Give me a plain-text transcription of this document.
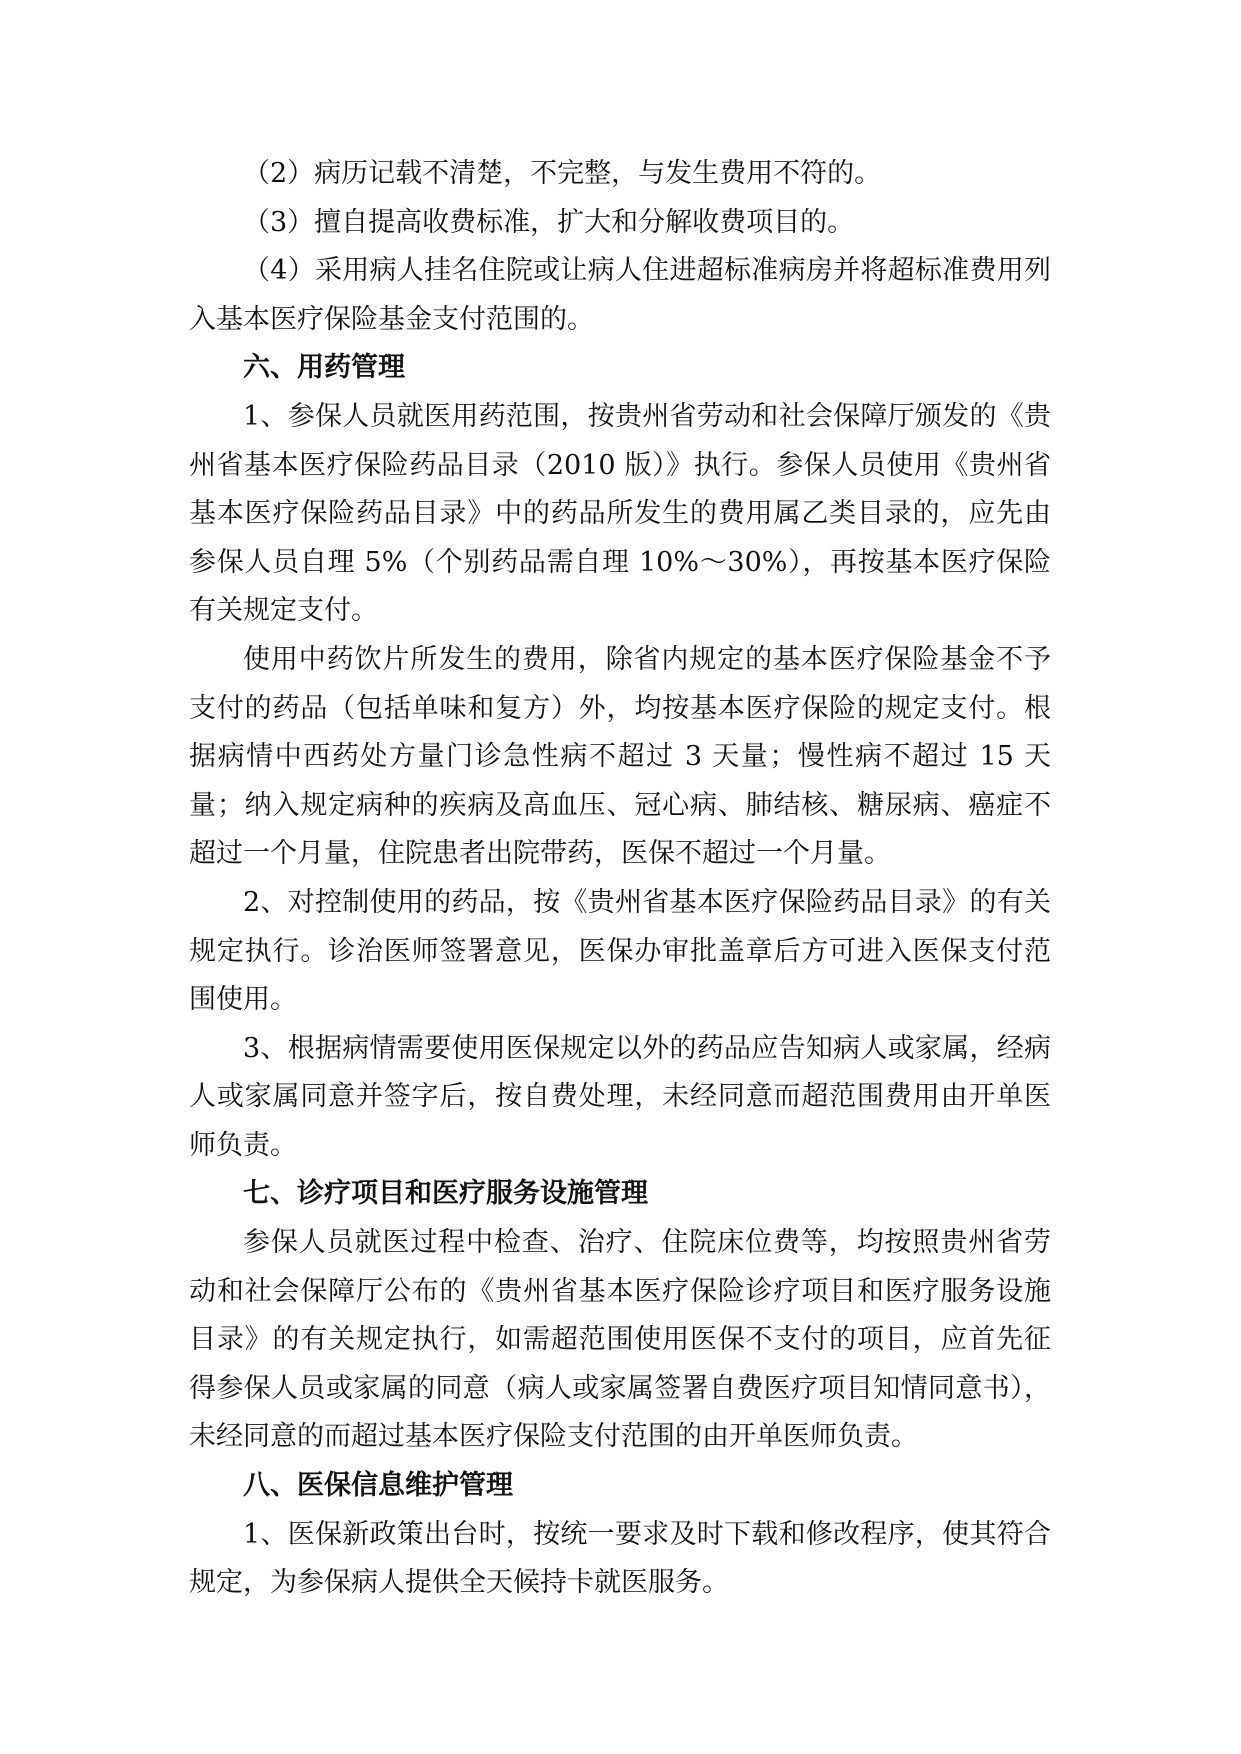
（2）病历记载不清楚，不完整，与发生费用不符的。

（3）擅自提高收费标准，扩大和分解收费项目的。

（4）采用病人挂名住院或让病人住进超标准病房并将超标准费用列入基本医疗保险基金支付范围的。

六、用药管理

1、参保人员就医用药范围，按贵州省劳动和社会保障厅颁发的《贵州省基本医疗保险药品目录（2010 版）》执行。参保人员使用《贵州省基本医疗保险药品目录》中的药品所发生的费用属乙类目录的，应先由参保人员自理 5%（个别药品需自理 10%～30%），再按基本医疗保险有关规定支付。

使用中药饮片所发生的费用，除省内规定的基本医疗保险基金不予支付的药品（包括单味和复方）外，均按基本医疗保险的规定支付。根据病情中西药处方量门诊急性病不超过 3 天量；慢性病不超过 15 天量；纳入规定病种的疾病及高血压、冠心病、肺结核、糖尿病、癌症不超过一个月量，住院患者出院带药，医保不超过一个月量。

2、对控制使用的药品，按《贵州省基本医疗保险药品目录》的有关规定执行。诊治医师签署意见，医保办审批盖章后方可进入医保支付范围使用。

3、根据病情需要使用医保规定以外的药品应告知病人或家属，经病人或家属同意并签字后，按自费处理，未经同意而超范围费用由开单医师负责。

七、诊疗项目和医疗服务设施管理

参保人员就医过程中检查、治疗、住院床位费等，均按照贵州省劳动和社会保障厅公布的《贵州省基本医疗保险诊疗项目和医疗服务设施目录》的有关规定执行，如需超范围使用医保不支付的项目，应首先征得参保人员或家属的同意（病人或家属签署自费医疗项目知情同意书），未经同意的而超过基本医疗保险支付范围的由开单医师负责。

八、医保信息维护管理

1、医保新政策出台时，按统一要求及时下载和修改程序，使其符合规定，为参保病人提供全天候持卡就医服务。
